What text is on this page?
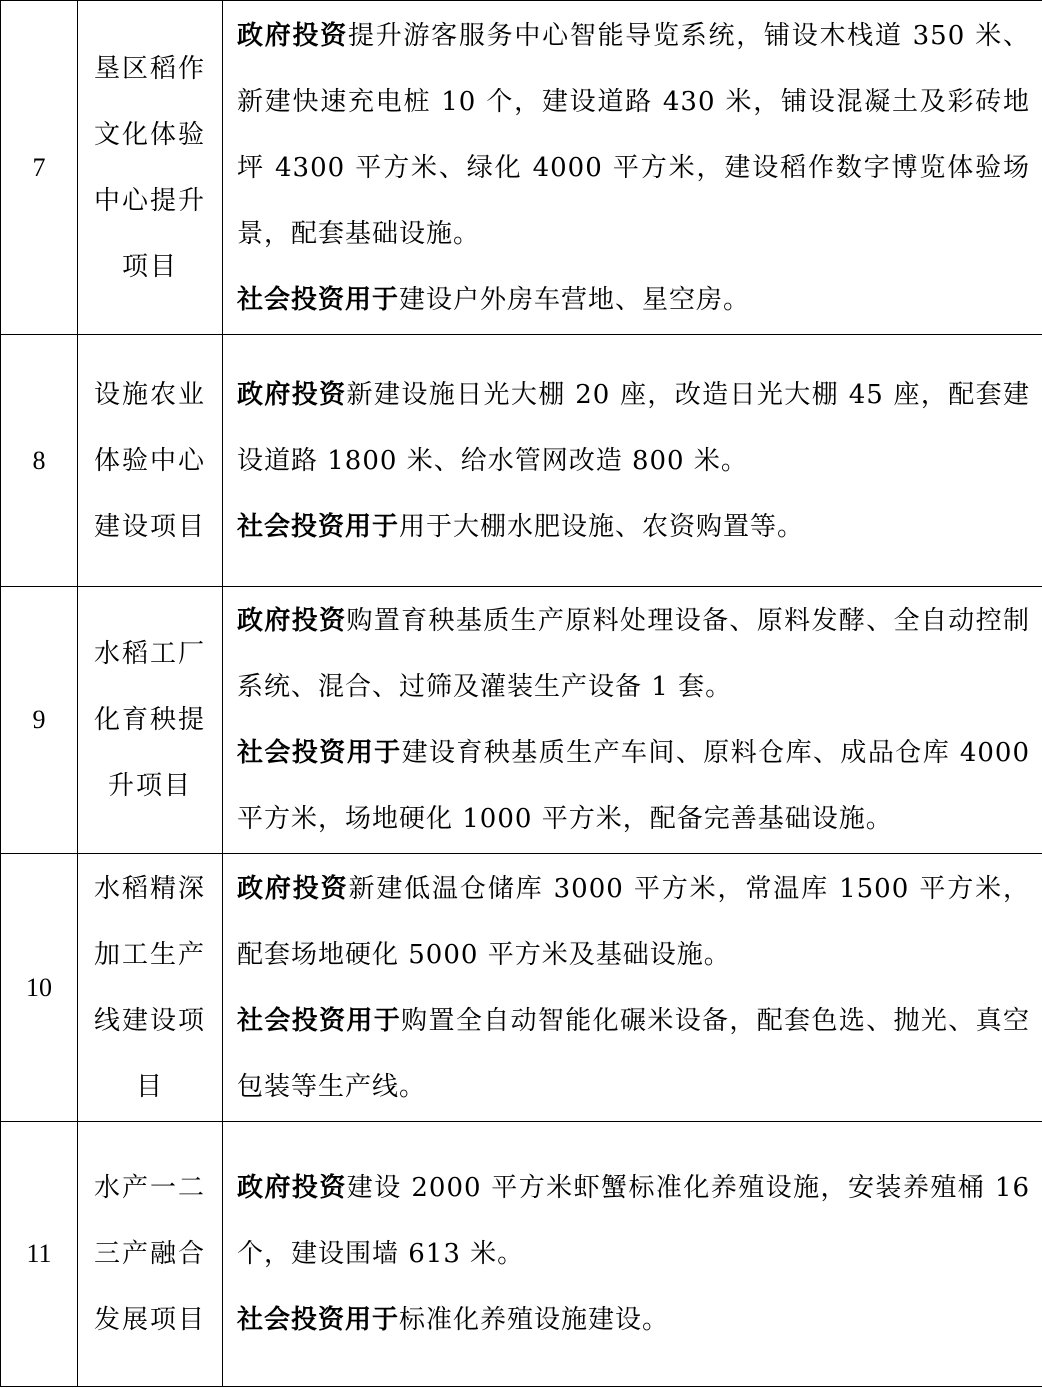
7	垦区稻作文化体验中心提升项目	政府投资提升游客服务中心智能导览系统，铺设木栈道 350 米、新建快速充电桩 10 个，建设道路 430 米，铺设混凝土及彩砖地坪 4300 平方米、绿化 4000 平方米，建设稻作数字博览体验场景，配套基础设施。
社会投资用于建设户外房车营地、星空房。

8	设施农业体验中心建设项目	政府投资新建设施日光大棚 20 座，改造日光大棚 45 座，配套建设道路 1800 米、给水管网改造 800 米。
社会投资用于用于大棚水肥设施、农资购置等。

9	水稻工厂化育秧提升项目	政府投资购置育秧基质生产原料处理设备、原料发酵、全自动控制系统、混合、过筛及灌装生产设备 1 套。
社会投资用于建设育秧基质生产车间、原料仓库、成品仓库 4000 平方米，场地硬化 1000 平方米，配备完善基础设施。

10	水稻精深加工生产线建设项目	政府投资新建低温仓储库 3000 平方米，常温库 1500 平方米，配套场地硬化 5000 平方米及基础设施。
社会投资用于购置全自动智能化碾米设备，配套色选、抛光、真空包装等生产线。

11	水产一二三产融合发展项目	政府投资建设 2000 平方米虾蟹标准化养殖设施，安装养殖桶 16 个，建设围墙 613 米。
社会投资用于标准化养殖设施建设。
